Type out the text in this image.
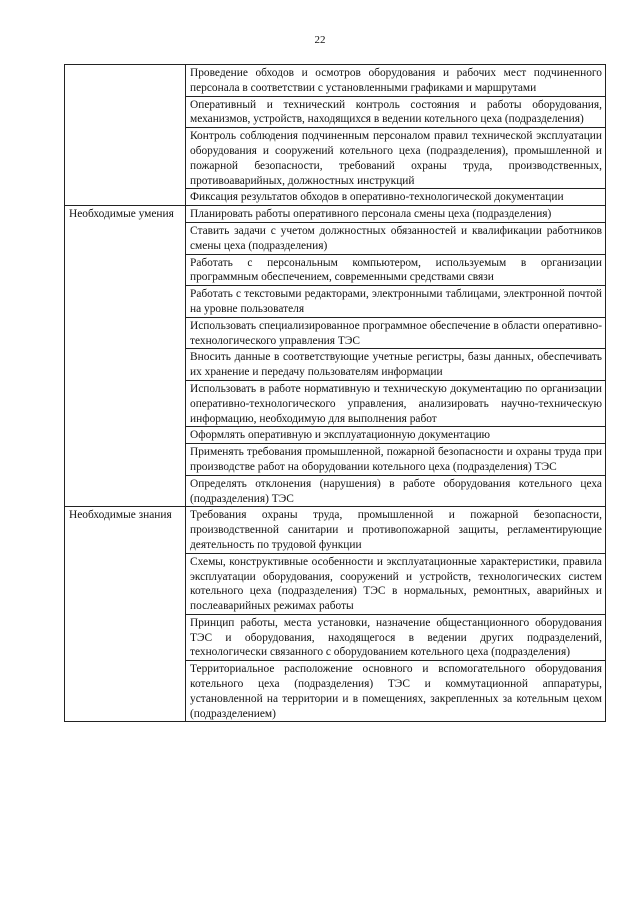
22

	Проведение обходов и осмотров оборудования и рабочих мест подчиненного персонала в соответствии с установленными графиками и маршрутами

	Оперативный и технический контроль состояния и работы оборудования, механизмов, устройств, находящихся в ведении котельного цеха (подразделения)

	Контроль соблюдения подчиненным персоналом правил технической эксплуатации оборудования и сооружений котельного цеха (подразделения), промышленной и пожарной безопасности, требований охраны труда, производственных, противоаварийных, должностных инструкций

	Фиксация результатов обходов в оперативно-технологической документации

Необходимые умения	Планировать работы оперативного персонала смены цеха (подразделения)

	Ставить задачи с учетом должностных обязанностей и квалификации работников смены цеха (подразделения)

	Работать с персональным компьютером, используемым в организации программным обеспечением, современными средствами связи

	Работать с текстовыми редакторами, электронными таблицами, электронной почтой на уровне пользователя

	Использовать специализированное программное обеспечение в области оперативно-технологического управления ТЭС

	Вносить данные в соответствующие учетные регистры, базы данных, обеспечивать их хранение и передачу пользователям информации

	Использовать в работе нормативную и техническую документацию по организации оперативно-технологического управления, анализировать научно-техническую информацию, необходимую для выполнения работ

	Оформлять оперативную и эксплуатационную документацию

	Применять требования промышленной, пожарной безопасности и охраны труда при производстве работ на оборудовании котельного цеха (подразделения) ТЭС

	Определять отклонения (нарушения) в работе оборудования котельного цеха (подразделения) ТЭС

Необходимые знания	Требования охраны труда, промышленной и пожарной безопасности, производственной санитарии и противопожарной защиты, регламентирующие деятельность по трудовой функции

	Схемы, конструктивные особенности и эксплуатационные характеристики, правила эксплуатации оборудования, сооружений и устройств, технологических систем котельного цеха (подразделения) ТЭС в нормальных, ремонтных, аварийных и послеаварийных режимах работы

	Принцип работы, места установки, назначение общестанционного оборудования ТЭС и оборудования, находящегося в ведении других подразделений, технологически связанного с оборудованием котельного цеха (подразделения)

	Территориальное расположение основного и вспомогательного оборудования котельного цеха (подразделения) ТЭС и коммутационной аппаратуры, установленной на территории и в помещениях, закрепленных за котельным цехом (подразделением)
